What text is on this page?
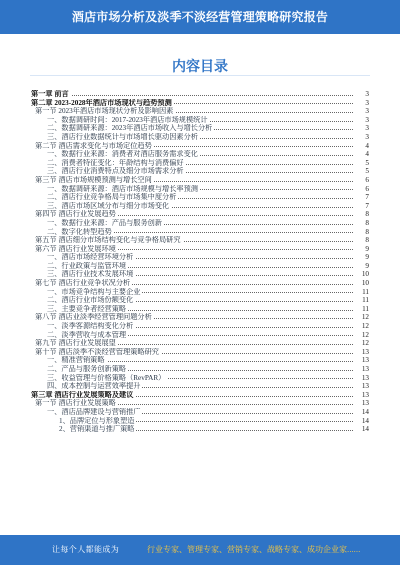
酒店市场分析及淡季不淡经营管理策略研究报告
内容目录
第一章 前言	3
第二章 2023-2028年酒店市场现状与趋势预测	3
第一节 2023年酒店市场现状分析及影响因素	3
一、数据调研时间：2017-2023年酒店市场规模统计	3
二、数据调研来源：2023年酒店市场收入与增长分析	3
三、酒店行业数据统计与市场增长驱动因素分析	3
第二节 酒店需求变化与市场定位趋势	4
一、数据行业来源：消费者对酒店服务需求变化	4
二、消费者特征变化：年龄结构与消费偏好	5
三、酒店行业消费特点及细分市场需求分析	5
第三节 酒店市场规模预测与增长空间	6
一、数据调研来源：酒店市场规模与增长率预测	6
二、酒店行业竞争格局与市场集中度分析	7
三、酒店市场区域分布与细分市场变化	7
第四节 酒店行业发展趋势	8
一、数据行业来源：产品与服务创新	8
二、数字化转型趋势	8
第五节 酒店细分市场结构变化与竞争格局研究	8
第六节 酒店行业发展环境	9
一、酒店市场经营环境分析	9
二、行业政策与监管环境	9
三、酒店行业技术发展环境	10
第七节 酒店行业竞争状况分析	10
一、市场竞争结构与主要企业	11
二、酒店行业市场份额变化	11
三、主要竞争者经营策略	11
第八节 酒店业淡季经营管理问题分析	12
一、淡季客源结构变化分析	12
二、淡季营收与成本管理	12
第九节 酒店行业发展展望	12
第十节 酒店淡季不淡经营管理策略研究	13
一、精准营销策略	13
二、产品与服务创新策略	13
三、收益管理与价格策略（RevPAR）	13
四、成本控制与运营效率提升	13
第三章 酒店行业发展策略及建议	13
第一节 酒店行业发展策略	13
一、酒店品牌建设与营销推广	14
1、品牌定位与形象塑造	14
2、营销渠道与推广策略	14
让每个人都能成为	行业专家、管理专家、营销专家、战略专家、成功企业家......
